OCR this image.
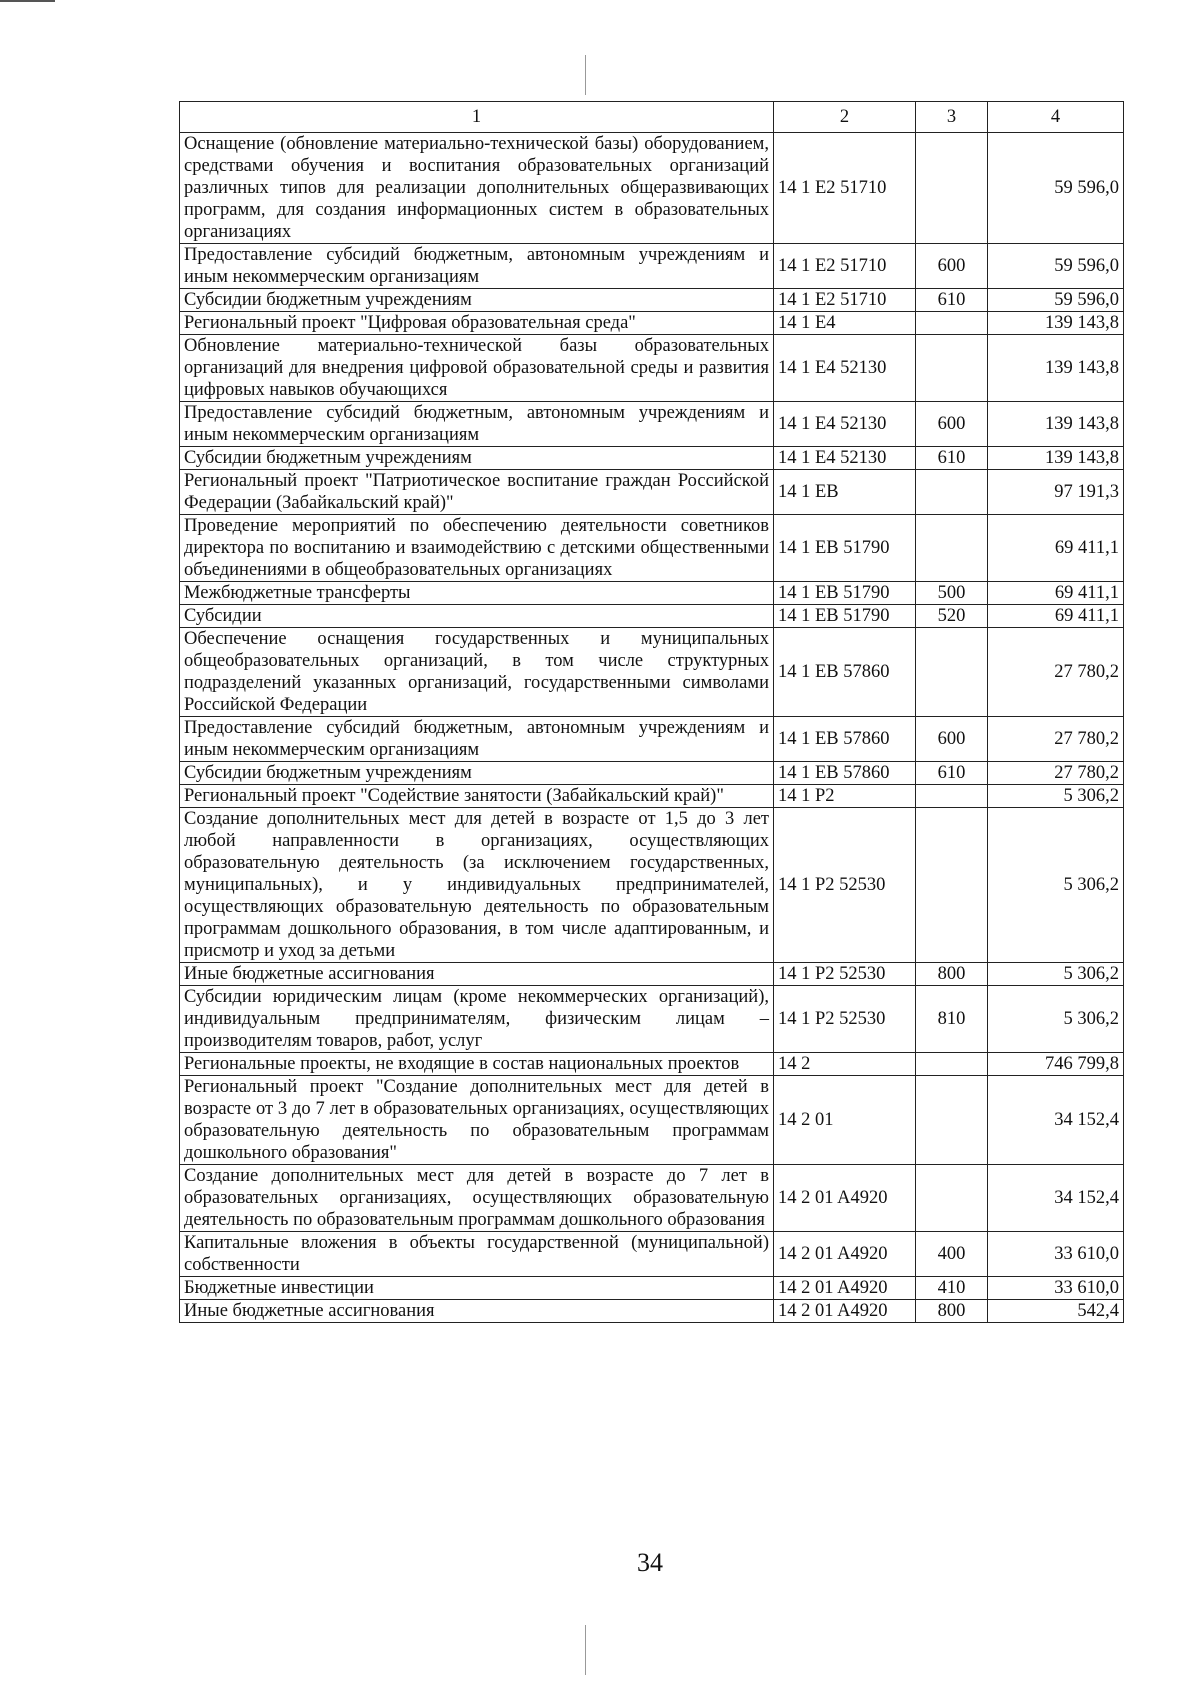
1	2	3	4
Оснащение (обновление материально-технической базы) оборудованием, средствами обучения и воспитания образовательных организаций различных типов для реализации дополнительных общеразвивающих программ, для создания информационных систем в образовательных организациях	14 1 E2 51710		59 596,0
Предоставление субсидий бюджетным, автономным учреждениям и иным некоммерческим организациям	14 1 E2 51710	600	59 596,0
Субсидии бюджетным учреждениям	14 1 E2 51710	610	59 596,0
Региональный проект "Цифровая образовательная среда"	14 1 E4		139 143,8
Обновление материально-технической базы образовательных организаций для внедрения цифровой образовательной среды и развития цифровых навыков обучающихся	14 1 E4 52130		139 143,8
Предоставление субсидий бюджетным, автономным учреждениям и иным некоммерческим организациям	14 1 E4 52130	600	139 143,8
Субсидии бюджетным учреждениям	14 1 E4 52130	610	139 143,8
Региональный проект "Патриотическое воспитание граждан Российской Федерации (Забайкальский край)"	14 1 EB		97 191,3
Проведение мероприятий по обеспечению деятельности советников директора по воспитанию и взаимодействию с детскими общественными объединениями в общеобразовательных организациях	14 1 EB 51790		69 411,1
Межбюджетные трансферты	14 1 EB 51790	500	69 411,1
Субсидии	14 1 EB 51790	520	69 411,1
Обеспечение оснащения государственных и муниципальных общеобразовательных организаций, в том числе структурных подразделений указанных организаций, государственными символами Российской Федерации	14 1 EB 57860		27 780,2
Предоставление субсидий бюджетным, автономным учреждениям и иным некоммерческим организациям	14 1 EB 57860	600	27 780,2
Субсидии бюджетным учреждениям	14 1 EB 57860	610	27 780,2
Региональный проект "Содействие занятости (Забайкальский край)"	14 1 P2		5 306,2
Создание дополнительных мест для детей в возрасте от 1,5 до 3 лет любой направленности в организациях, осуществляющих образовательную деятельность (за исключением государственных, муниципальных), и у индивидуальных предпринимателей, осуществляющих образовательную деятельность по образовательным программам дошкольного образования, в том числе адаптированным, и присмотр и уход за детьми	14 1 P2 52530		5 306,2
Иные бюджетные ассигнования	14 1 P2 52530	800	5 306,2
Субсидии юридическим лицам (кроме некоммерческих организаций), индивидуальным предпринимателям, физическим лицам – производителям товаров, работ, услуг	14 1 P2 52530	810	5 306,2
Региональные проекты, не входящие в состав национальных проектов	14 2		746 799,8
Региональный проект "Создание дополнительных мест для детей в возрасте от 3 до 7 лет в образовательных организациях, осуществляющих образовательную деятельность по образовательным программам дошкольного образования"	14 2 01		34 152,4
Создание дополнительных мест для детей в возрасте до 7 лет в образовательных организациях, осуществляющих образовательную деятельность по образовательным программам дошкольного образования	14 2 01 A4920		34 152,4
Капитальные вложения в объекты государственной (муниципальной) собственности	14 2 01 A4920	400	33 610,0
Бюджетные инвестиции	14 2 01 A4920	410	33 610,0
Иные бюджетные ассигнования	14 2 01 A4920	800	542,4
34
